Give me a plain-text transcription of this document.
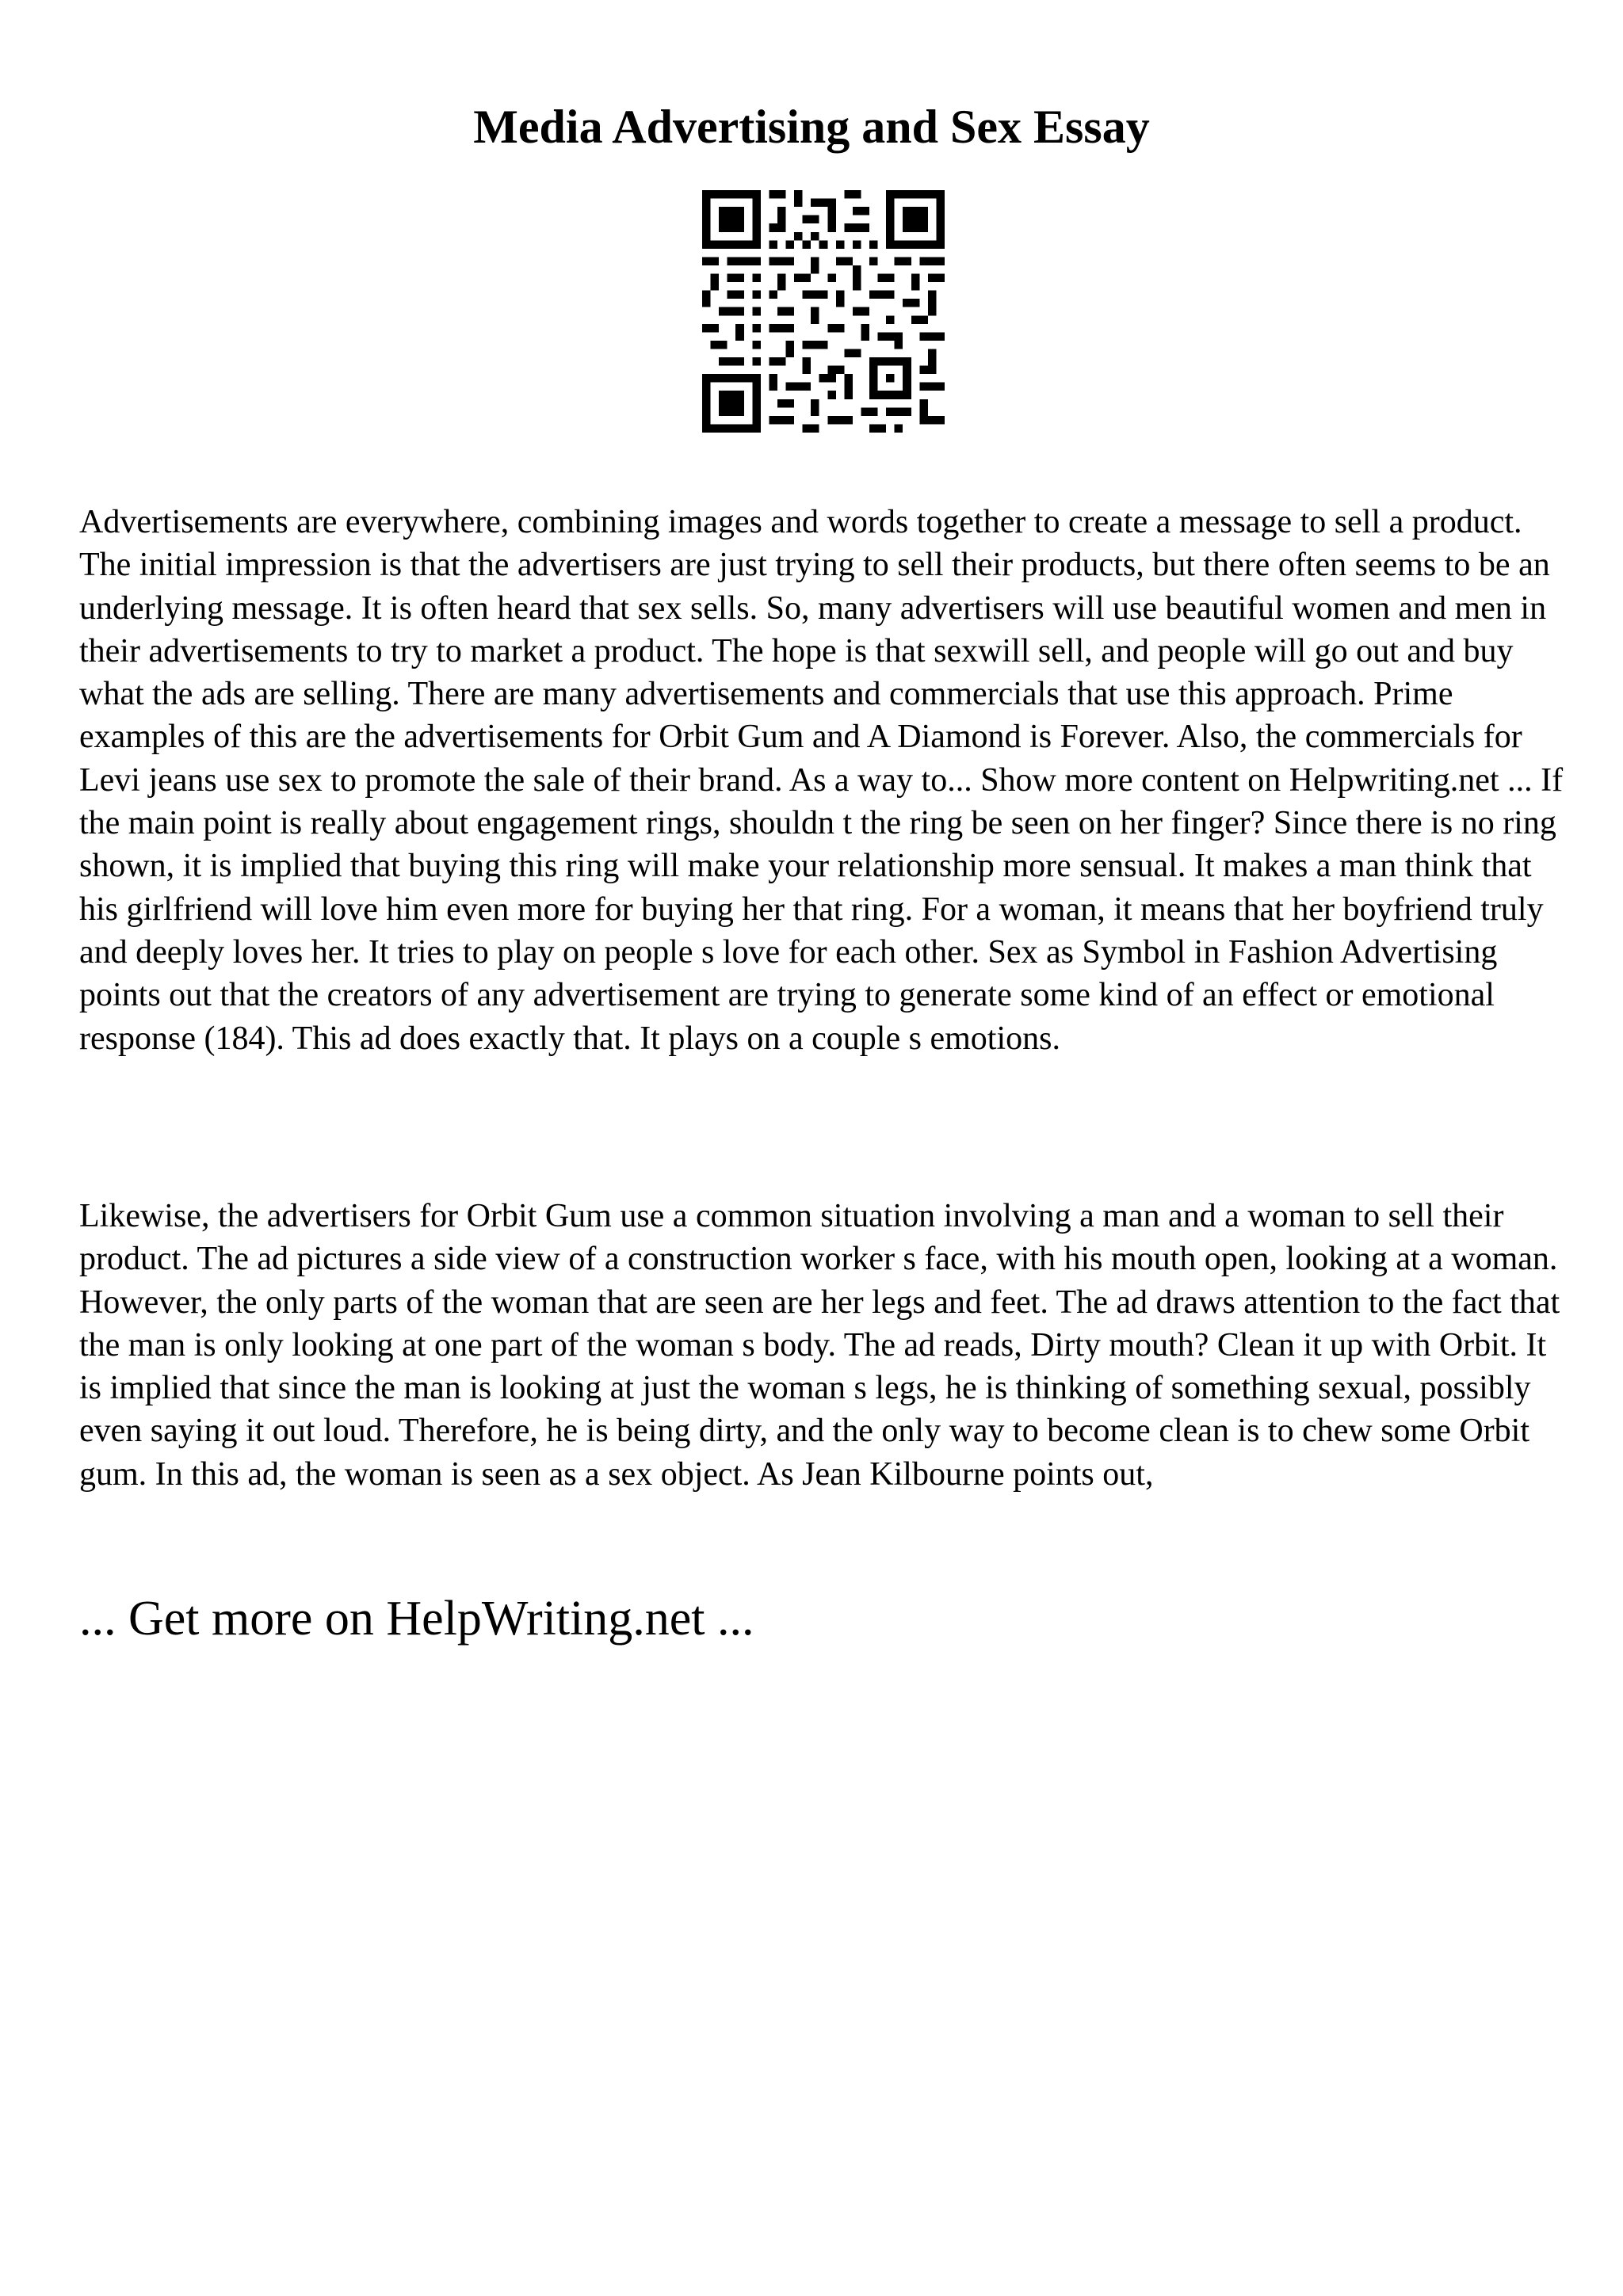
Media Advertising and Sex Essay

Advertisements are everywhere, combining images and words together to create a message to sell a product. The initial impression is that the advertisers are just trying to sell their products, but there often seems to be an underlying message. It is often heard that sex sells. So, many advertisers will use beautiful women and men in their advertisements to try to market a product. The hope is that sexwill sell, and people will go out and buy what the ads are selling. There are many advertisements and commercials that use this approach. Prime examples of this are the advertisements for Orbit Gum and A Diamond is Forever. Also, the commercials for Levi jeans use sex to promote the sale of their brand. As a way to... Show more content on Helpwriting.net ... If the main point is really about engagement rings, shouldn t the ring be seen on her finger? Since there is no ring shown, it is implied that buying this ring will make your relationship more sensual. It makes a man think that his girlfriend will love him even more for buying her that ring. For a woman, it means that her boyfriend truly and deeply loves her. It tries to play on people s love for each other. Sex as Symbol in Fashion Advertising points out that the creators of any advertisement are trying to generate some kind of an effect or emotional response (184). This ad does exactly that. It plays on a couple s emotions.

Likewise, the advertisers for Orbit Gum use a common situation involving a man and a woman to sell their product. The ad pictures a side view of a construction worker s face, with his mouth open, looking at a woman. However, the only parts of the woman that are seen are her legs and feet. The ad draws attention to the fact that the man is only looking at one part of the woman s body. The ad reads, Dirty mouth? Clean it up with Orbit. It is implied that since the man is looking at just the woman s legs, he is thinking of something sexual, possibly even saying it out loud. Therefore, he is being dirty, and the only way to become clean is to chew some Orbit gum. In this ad, the woman is seen as a sex object. As Jean Kilbourne points out,

... Get more on HelpWriting.net ...
